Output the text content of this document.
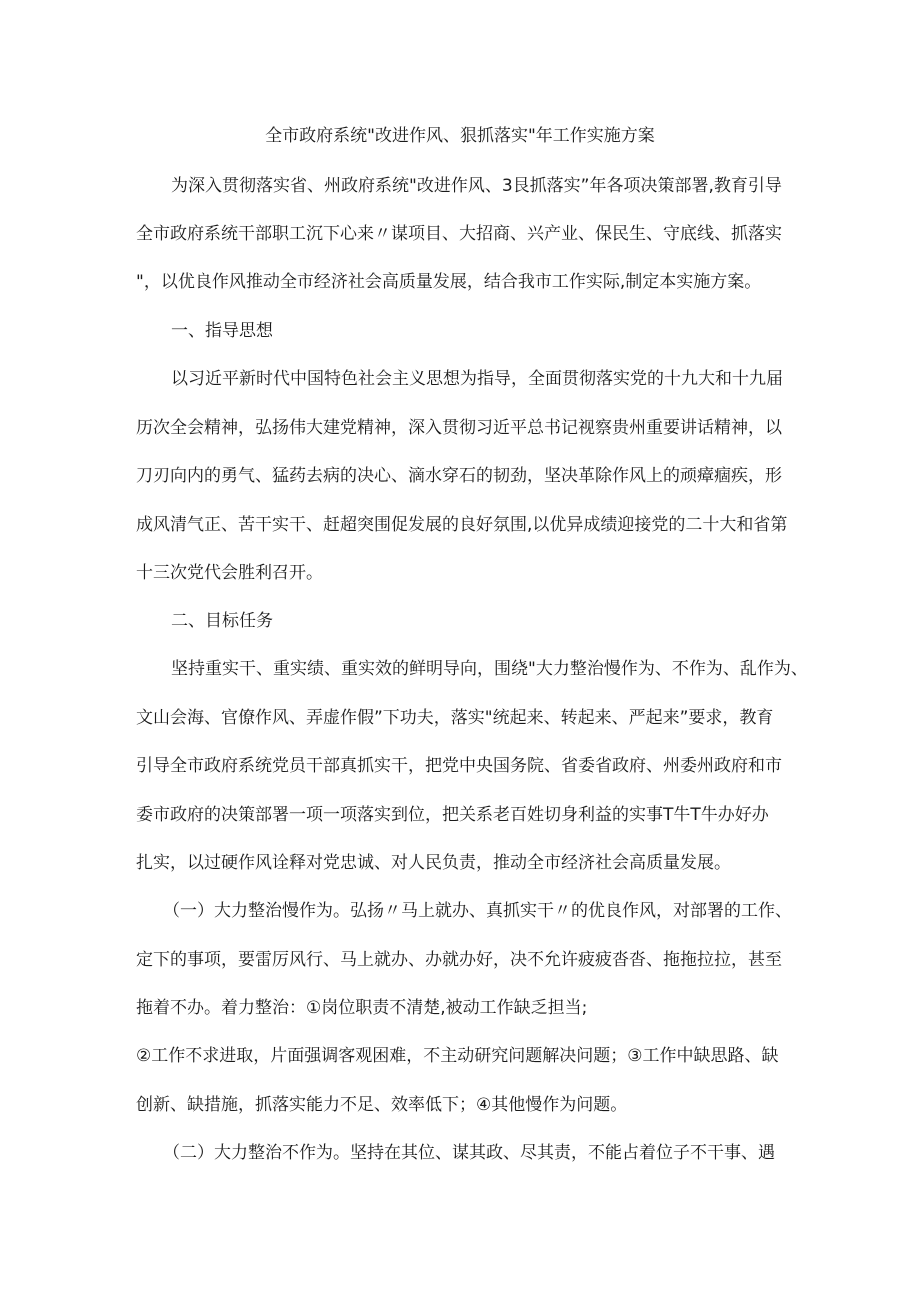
全市政府系统"改进作风、狠抓落实"年工作实施方案
为深入贯彻落实省、州政府系统"改进作风、3艮抓落实”年各项决策部署,教育引导
全市政府系统干部职工沉下心来〃谋项目、大招商、兴产业、保民生、守底线、抓落实
"，以优良作风推动全市经济社会高质量发展，结合我市工作实际,制定本实施方案。
一、指导思想
以习近平新时代中国特色社会主义思想为指导，全面贯彻落实党的十九大和十九届
历次全会精神，弘扬伟大建党精神，深入贯彻习近平总书记视察贵州重要讲话精神，以
刀刃向内的勇气、猛药去病的决心、滴水穿石的韧劲，坚决革除作风上的顽瘴痼疾，形
成风清气正、苦干实干、赶超突围促发展的良好氛围,以优异成绩迎接党的二十大和省第
十三次党代会胜利召开。
二、目标任务
坚持重实干、重实绩、重实效的鲜明导向，围绕"大力整治慢作为、不作为、乱作为、
文山会海、官僚作风、弄虚作假”下功夫，落实"统起来、转起来、严起来”要求，教育
引导全市政府系统党员干部真抓实干，把党中央国务院、省委省政府、州委州政府和市
委市政府的决策部署一项一项落实到位，把关系老百姓切身利益的实事T牛T牛办好办
扎实，以过硬作风诠释对党忠诚、对人民负责，推动全市经济社会高质量发展。
（一）大力整治慢作为。弘扬〃马上就办、真抓实干〃的优良作风，对部署的工作、
定下的事项，要雷厉风行、马上就办、办就办好，决不允许疲疲沓沓、拖拖拉拉，甚至
拖着不办。着力整治：①岗位职责不清楚,被动工作缺乏担当;
②工作不求进取，片面强调客观困难，不主动研究问题解决问题；③工作中缺思路、缺
创新、缺措施，抓落实能力不足、效率低下；④其他慢作为问题。
（二）大力整治不作为。坚持在其位、谋其政、尽其责，不能占着位子不干事、遇
